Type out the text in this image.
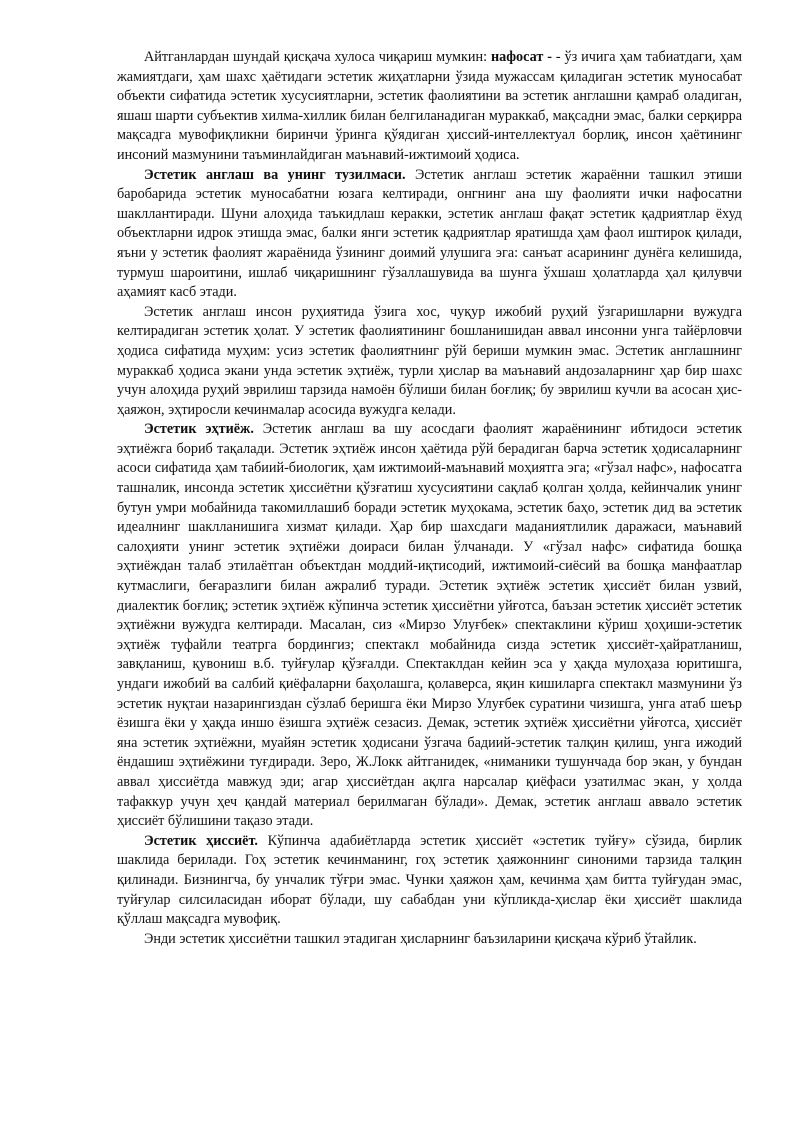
Айтганлардан шундай қисқача хулоса чиқариш мумкин: нафосат - - ўз ичига ҳам табиатдаги, ҳам жамиятдаги, ҳам шахс ҳаётидаги эстетик жиҳатларни ўзида мужассам қиладиган эстетик муносабат объекти сифатида эстетик хусусиятларни, эстетик фаолиятини ва эстетик англашни қамраб оладиган, яшаш шарти субъектив хилма-хиллик билан белгиланадиган мураккаб, мақсадни эмас, балки серқирра мақсадга мувофиқликни биринчи ўринга қўядиган ҳиссий-интеллектуал борлиқ, инсон ҳаётининг инсоний мазмунини таъминлайдиган маънавий-ижтимоий ҳодиса.

Эстетик англаш ва унинг тузилмаси. Эстетик англаш эстетик жараённи ташкил этиши баробарида эстетик муносабатни юзага келтиради, онгнинг ана шу фаолияти ички нафосатни шакллантиради. Шуни алоҳида таъкидлаш керакки, эстетик англаш фақат эстетик қадриятлар ёхуд объектларни идрок этишда эмас, балки янги эстетик қадриятлар яратишда ҳам фаол иштирок қилади, яъни у эстетик фаолият жараёнида ўзининг доимий улушига эга: санъат асарининг дунёга келишида, турмуш шароитини, ишлаб чиқаришнинг гўзаллашувида ва шунга ўхшаш ҳолатларда ҳал қилувчи аҳамият касб этади.

Эстетик англаш инсон руҳиятида ўзига хос, чуқур ижобий руҳий ўзгаришларни вужудга келтирадиган эстетик ҳолат. У эстетик фаолиятининг бошланишидан аввал инсонни унга тайёрловчи ҳодиса сифатида муҳим: усиз эстетик фаолиятнинг рўй бериши мумкин эмас. Эстетик англашнинг мураккаб ҳодиса экани унда эстетик эҳтиёж, турли ҳислар ва маънавий андозаларнинг ҳар бир шахс учун алоҳида руҳий эврилиш тарзида намоён бўлиши билан боғлиқ; бу эврилиш кучли ва асосан ҳис-ҳаяжон, эҳтиросли кечинмалар асосида вужудга келади.

Эстетик эҳтиёж. Эстетик англаш ва шу асосдаги фаолият жараёнининг ибтидоси эстетик эҳтиёжга бориб тақалади. Эстетик эҳтиёж инсон ҳаётида рўй берадиган барча эстетик ҳодисаларнинг асоси сифатида ҳам табиий-биологик, ҳам ижтимоий-маънавий моҳиятга эга; «гўзал нафс», нафосатга ташналик, инсонда эстетик ҳиссиётни қўзғатиш хусусиятини сақлаб қолган ҳолда, кейинчалик унинг бутун умри мобайнида такомиллашиб боради эстетик муҳокама, эстетик баҳо, эстетик дид ва эстетик идеалнинг шаклланишига хизмат қилади. Ҳар бир шахсдаги маданиятлилик даражаси, маънавий салоҳияти унинг эстетик эҳтиёжи доираси билан ўлчанади. У «гўзал нафс» сифатида бошқа эҳтиёждан талаб этилаётган объектдан моддий-иқтисодий, ижтимоий-сиёсий ва бошқа манфаатлар кутмаслиги, беғаразлиги билан ажралиб туради. Эстетик эҳтиёж эстетик ҳиссиёт билан узвий, диалектик боғлиқ; эстетик эҳтиёж кўпинча эстетик ҳиссиётни уйғотса, баъзан эстетик ҳиссиёт эстетик эҳтиёжни вужудга келтиради. Масалан, сиз «Мирзо Улуғбек» спектаклини кўриш ҳоҳиши-эстетик эҳтиёж туфайли театрга бордингиз; спектакл мобайнида сизда эстетик ҳиссиёт-ҳайратланиш, завқланиш, қувониш в.б. туйғулар қўзғалди. Спектаклдан кейин эса у ҳақда мулоҳаза юритишга, ундаги ижобий ва салбий қиёфаларни баҳолашга, қолаверса, яқин кишиларга спектакл мазмунини ўз эстетик нуқтаи назарингиздан сўзлаб беришга ёки Мирзо Улуғбек суратини чизишга, унга атаб шеър ёзишга ёки у ҳақда иншо ёзишга эҳтиёж сезасиз. Демак, эстетик эҳтиёж ҳиссиётни уйғотса, ҳиссиёт яна эстетик эҳтиёжни, муайян эстетик ҳодисани ўзгача бадиий-эстетик талқин қилиш, унга ижодий ёндашиш эҳтиёжини туғдиради. Зеро, Ж.Локк айтганидек, «ниманики тушунчада бор экан, у бундан аввал ҳиссиётда мавжуд эди; агар ҳиссиётдан ақлга нарсалар қиёфаси узатилмас экан, у ҳолда тафаккур учун ҳеч қандай материал берилмаган бўлади». Демак, эстетик англаш аввало эстетик ҳиссиёт бўлишини тақазо этади.

Эстетик ҳиссиёт. Кўпинча адабиётларда эстетик ҳиссиёт «эстетик туйғу» сўзида, бирлик шаклида берилади. Гоҳ эстетик кечинманинг, гоҳ эстетик ҳаяжоннинг синоними тарзида талқин қилинади. Бизнингча, бу унчалик тўғри эмас. Чунки ҳаяжон ҳам, кечинма ҳам битта туйғудан эмас, туйғулар силсиласидан иборат бўлади, шу сабабдан уни кўпликда-ҳислар ёки ҳиссиёт шаклида қўллаш мақсадга мувофиқ.

Энди эстетик ҳиссиётни ташкил этадиган ҳисларнинг баъзиларини қисқача кўриб ўтайлик.
